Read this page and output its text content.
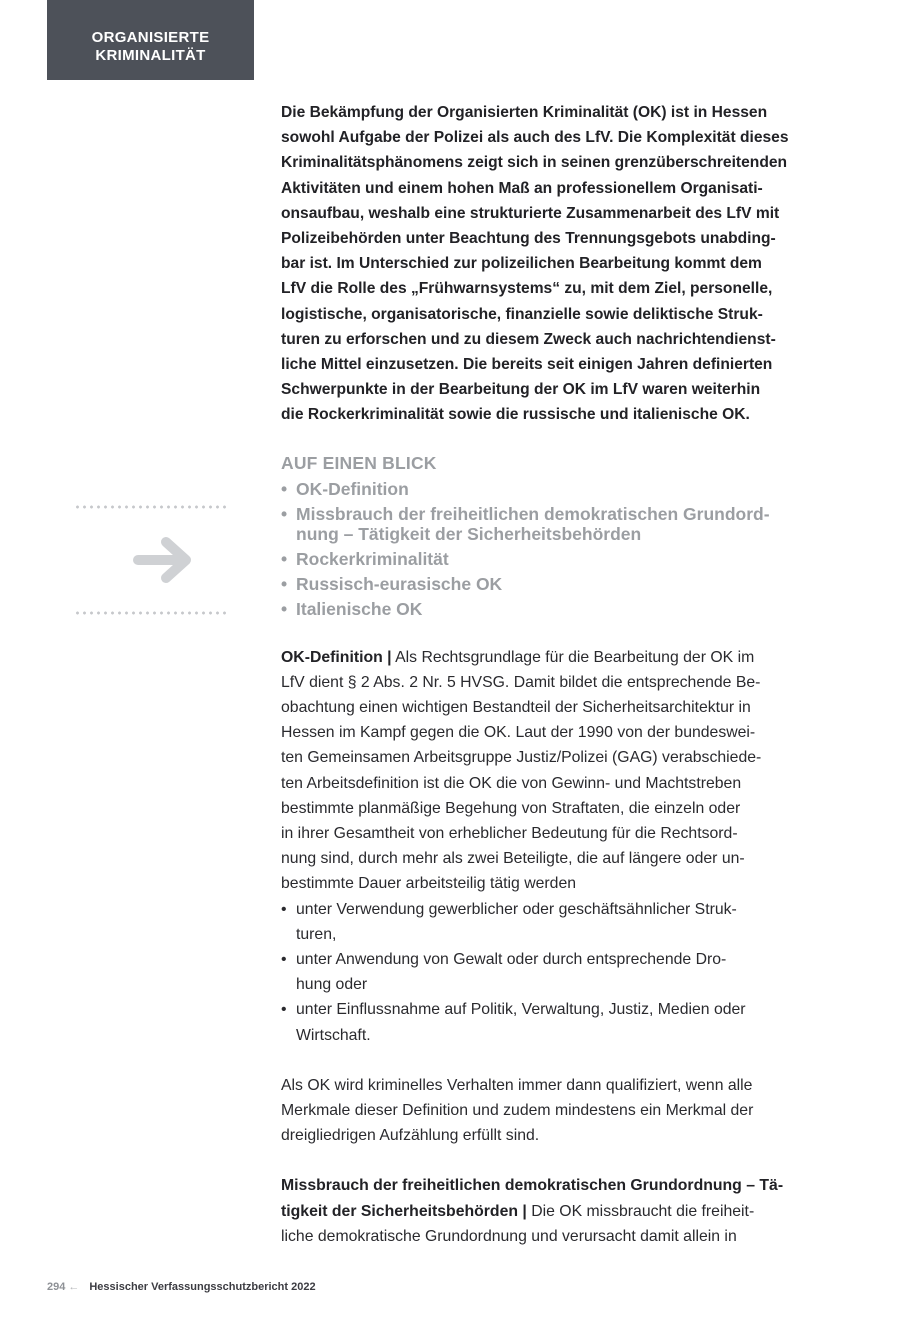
ORGANISIERTE
KRIMINALITÄT
Die Bekämpfung der Organisierten Kriminalität (OK) ist in Hessen
sowohl Aufgabe der Polizei als auch des LfV. Die Komplexität dieses
Kriminalitätsphänomens zeigt sich in seinen grenzüberschreitenden
Aktivitäten und einem hohen Maß an professionellem Organisati-
onsaufbau, weshalb eine strukturierte Zusammenarbeit des LfV mit
Polizeibehörden unter Beachtung des Trennungsgebots unabding-
bar ist. Im Unterschied zur polizeilichen Bearbeitung kommt dem
LfV die Rolle des „Frühwarnsystems“ zu, mit dem Ziel, personelle,
logistische, organisatorische, finanzielle sowie deliktische Struk-
turen zu erforschen und zu diesem Zweck auch nachrichtendienst-
liche Mittel einzusetzen. Die bereits seit einigen Jahren definierten
Schwerpunkte in der Bearbeitung der OK im LfV waren weiterhin
die Rockerkriminalität sowie die russische und italienische OK.
AUF EINEN BLICK
• OK-Definition
• Missbrauch der freiheitlichen demokratischen Grundord-
nung – Tätigkeit der Sicherheitsbehörden
• Rockerkriminalität
• Russisch-eurasische OK
• Italienische OK
OK-Definition | Als Rechtsgrundlage für die Bearbeitung der OK im
LfV dient § 2 Abs. 2 Nr. 5 HVSG. Damit bildet die entsprechende Be-
obachtung einen wichtigen Bestandteil der Sicherheitsarchitektur in
Hessen im Kampf gegen die OK. Laut der 1990 von der bundeswei-
ten Gemeinsamen Arbeitsgruppe Justiz/Polizei (GAG) verabschiede-
ten Arbeitsdefinition ist die OK die von Gewinn- und Machtstreben
bestimmte planmäßige Begehung von Straftaten, die einzeln oder
in ihrer Gesamtheit von erheblicher Bedeutung für die Rechtsord-
nung sind, durch mehr als zwei Beteiligte, die auf längere oder un-
bestimmte Dauer arbeitsteilig tätig werden
• unter Verwendung gewerblicher oder geschäftsähnlicher Struk-
turen,
• unter Anwendung von Gewalt oder durch entsprechende Dro-
hung oder
• unter Einflussnahme auf Politik, Verwaltung, Justiz, Medien oder
Wirtschaft.
Als OK wird kriminelles Verhalten immer dann qualifiziert, wenn alle
Merkmale dieser Definition und zudem mindestens ein Merkmal der
dreigliedrigen Aufzählung erfüllt sind.
Missbrauch der freiheitlichen demokratischen Grundordnung – Tä-
tigkeit der Sicherheitsbehörden | Die OK missbraucht die freiheit-
liche demokratische Grundordnung und verursacht damit allein in
294 ← Hessischer Verfassungsschutzbericht 2022
